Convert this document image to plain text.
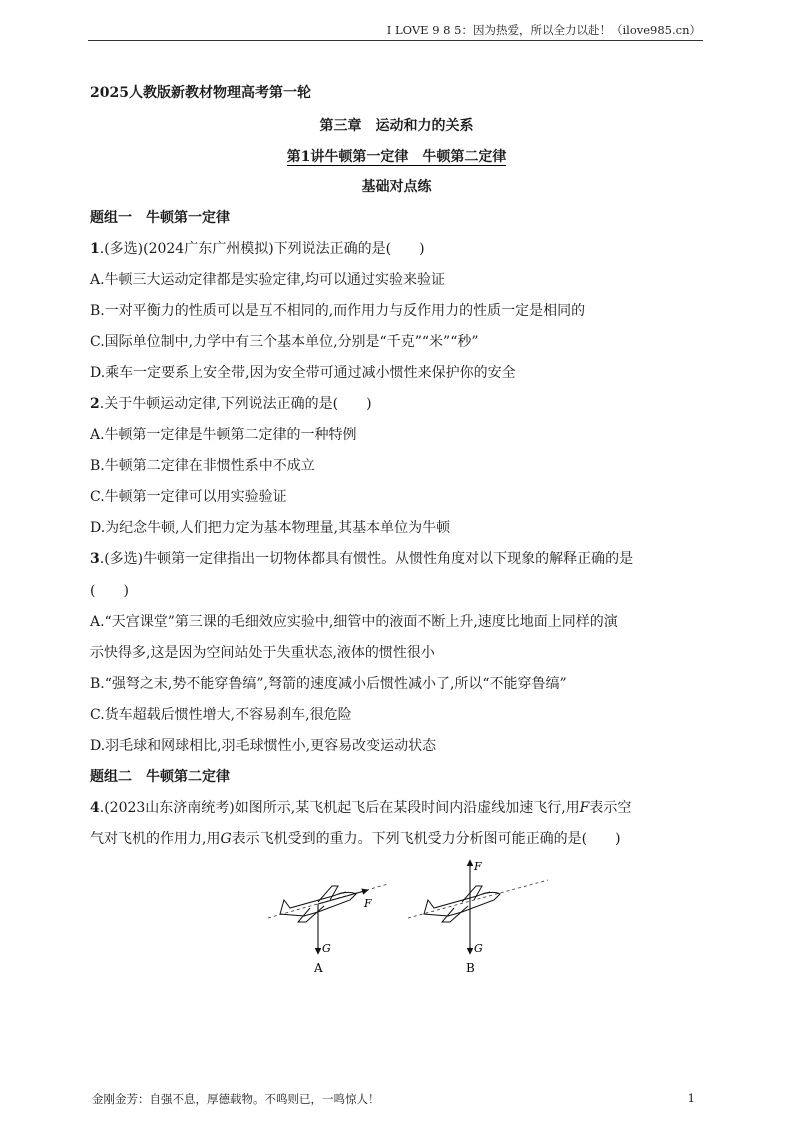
I LOVE 9 8 5：因为热爱，所以全力以赴！（ilove985.cn）
2025人教版新教材物理高考第一轮
第三章　运动和力的关系
第1讲牛顿第一定律　牛顿第二定律
基础对点练
题组一　牛顿第一定律
1.(多选)(2024广东广州模拟)下列说法正确的是(　　)
A.牛顿三大运动定律都是实验定律,均可以通过实验来验证
B.一对平衡力的性质可以是互不相同的,而作用力与反作用力的性质一定是相同的
C.国际单位制中,力学中有三个基本单位,分别是“千克”“米”“秒”
D.乘车一定要系上安全带,因为安全带可通过减小惯性来保护你的安全
2.关于牛顿运动定律,下列说法正确的是(　　)
A.牛顿第一定律是牛顿第二定律的一种特例
B.牛顿第二定律在非惯性系中不成立
C.牛顿第一定律可以用实验验证
D.为纪念牛顿,人们把力定为基本物理量,其基本单位为牛顿
3.(多选)牛顿第一定律指出一切物体都具有惯性。从惯性角度对以下现象的解释正确的是
(　　)
A.“天宫课堂”第三课的毛细效应实验中,细管中的液面不断上升,速度比地面上同样的演
示快得多,这是因为空间站处于失重状态,液体的惯性很小
B.“强弩之末,势不能穿鲁缟”,弩箭的速度减小后惯性减小了,所以“不能穿鲁缟”
C.货车超载后惯性增大,不容易刹车,很危险
D.羽毛球和网球相比,羽毛球惯性小,更容易改变运动状态
题组二　牛顿第二定律
4.(2023山东济南统考)如图所示,某飞机起飞后在某段时间内沿虚线加速飞行,用F表示空
气对飞机的作用力,用G表示飞机受到的重力。下列飞机受力分析图可能正确的是(　　)
F
G
A
F
G
B
金刚金芳：自强不息，厚德载物。不鸣则已，一鸣惊人！	1
